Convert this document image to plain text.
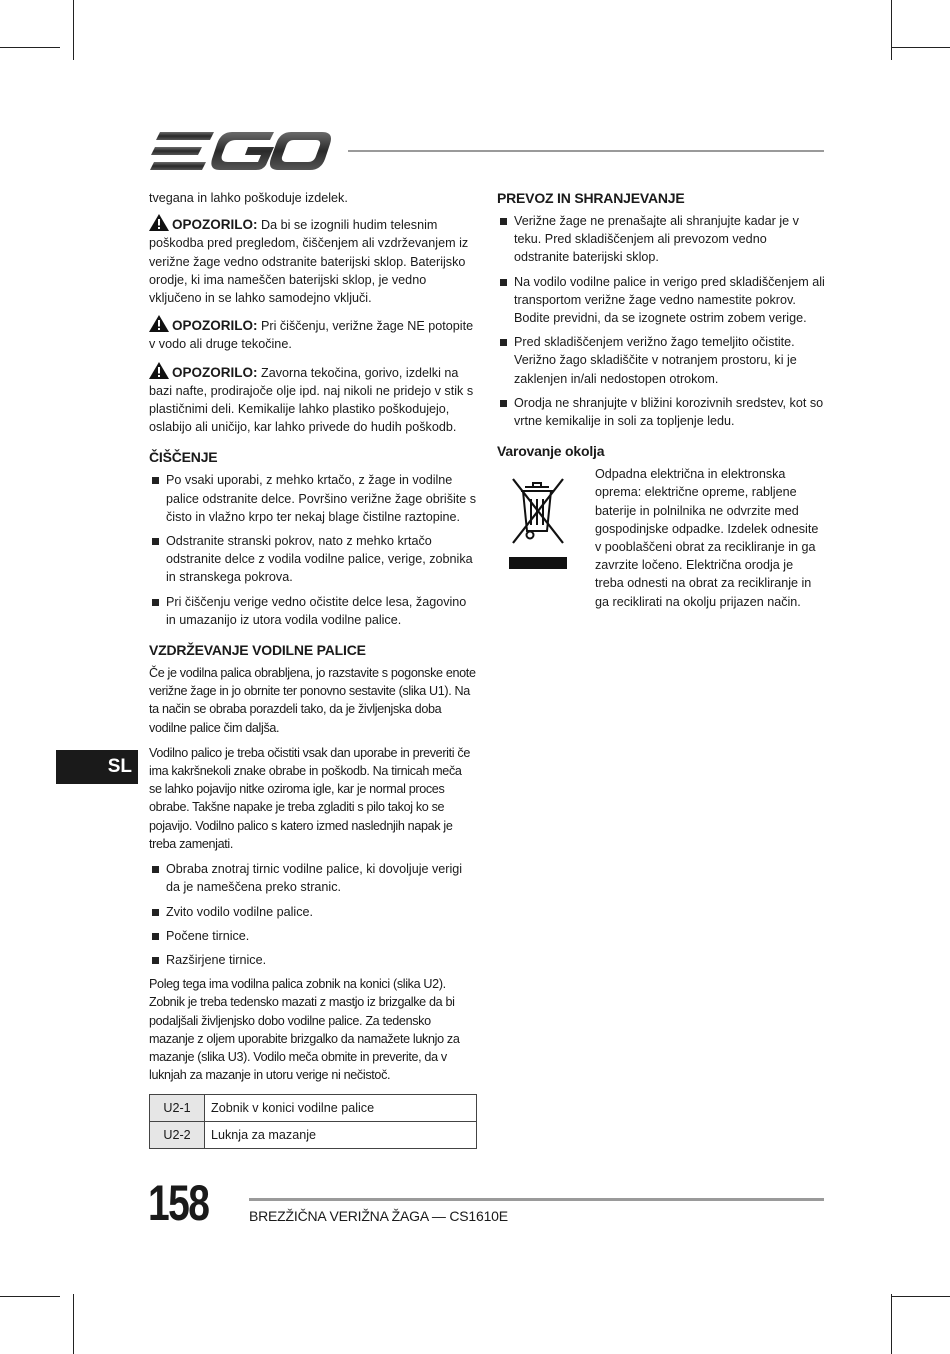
tvegana in lahko poškoduje izdelek.

OPOZORILO: Da bi se izognili hudim telesnim poškodba pred pregledom, čiščenjem ali vzdrževanjem iz verižne žage vedno odstranite baterijski sklop. Baterijsko orodje, ki ima nameščen baterijski sklop, je vedno vključeno in se lahko samodejno vključi.

OPOZORILO: Pri čiščenju, verižne žage NE potopite v vodo ali druge tekočine.

OPOZORILO: Zavorna tekočina, gorivo, izdelki na bazi nafte, prodirajoče olje ipd. naj nikoli ne pridejo v stik s plastičnimi deli. Kemikalije lahko plastiko poškodujejo, oslabijo ali uničijo, kar lahko privede do hudih poškodb.

ČIŠČENJE
Po vsaki uporabi, z mehko krtačo, z žage in vodilne palice odstranite delce. Površino verižne žage obrišite s čisto in vlažno krpo ter nekaj blage čistilne raztopine.
Odstranite stranski pokrov, nato z mehko krtačo odstranite delce z vodila vodilne palice, verige, zobnika in stranskega pokrova.
Pri čiščenju verige vedno očistite delce lesa, žagovino in umazanijo iz utora vodila vodilne palice.
VZDRŽEVANJE VODILNE PALICE

Če je vodilna palica obrabljena, jo razstavite s pogonske enote verižne žage in jo obrnite ter ponovno sestavite (slika U1). Na ta način se obraba porazdeli tako, da je življenjska doba vodilne palice čim daljša.

Vodilno palico je treba očistiti vsak dan uporabe in preveriti če ima kakršnekoli znake obrabe in poškodb. Na tirnicah meča se lahko pojavijo nitke oziroma igle, kar je normal proces obrabe. Takšne napake je treba zgladiti s pilo takoj ko se pojavijo. Vodilno palico s katero izmed naslednjih napak je treba zamenjati.

Obraba znotraj tirnic vodilne palice, ki dovoljuje verigi da je nameščena preko stranic.
Zvito vodilo vodilne palice.
Počene tirnice.
Razširjene tirnice.

Poleg tega ima vodilna palica zobnik na konici (slika U2). Zobnik je treba tedensko mazati z mastjo iz brizgalke da bi podaljšali življenjsko dobo vodilne palice. Za tedensko mazanje z oljem uporabite brizgalko da namažete luknjo za mazanje (slika U3). Vodilo meča obmite in preverite, da v luknjah za mazanje in utoru verige ni nečistoč.

U2-1	Zobnik v konici vodilne palice
U2-2	Luknja za mazanje
PREVOZ IN SHRANJEVANJE
Verižne žage ne prenašajte ali shranjujte kadar je v teku. Pred skladiščenjem ali prevozom vedno odstranite baterijski sklop.
Na vodilo vodilne palice in verigo pred skladiščenjem ali transportom verižne žage vedno namestite pokrov. Bodite previdni, da se izognete ostrim zobem verige.
Pred skladiščenjem verižno žago temeljito očistite. Verižno žago skladiščite v notranjem prostoru, ki je zaklenjen in/ali nedostopen otrokom.
Orodja ne shranjujte v bližini korozivnih sredstev, kot so vrtne kemikalije in soli za topljenje ledu.
Varovanje okolja
Odpadna električna in elektronska oprema: električne opreme, rabljene baterije in polnilnika ne odvrzite med gospodinjske odpadke. Izdelek odnesite v pooblaščeni obrat za recikliranje in ga zavrzite ločeno. Električna orodja je treba odnesti na obrat za recikliranje in ga reciklirati na okolju prijazen način.
SL
158	BREZŽIČNA VERIŽNA ŽAGA — CS1610E
